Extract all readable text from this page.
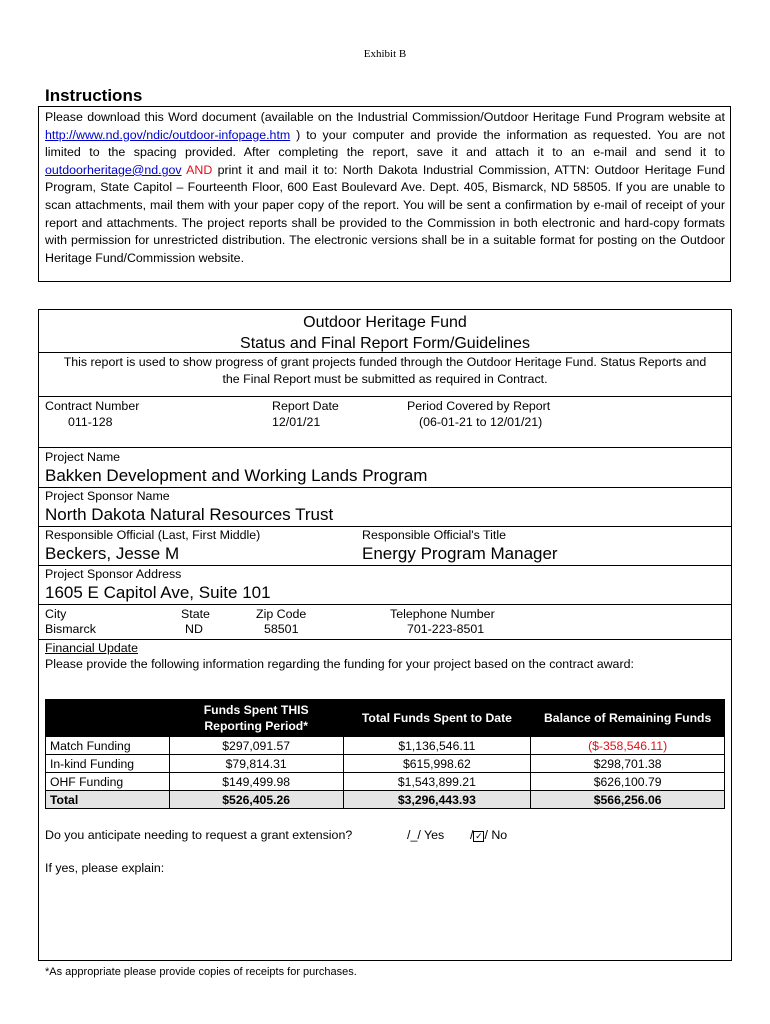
Exhibit B
Instructions
Please download this Word document (available on the Industrial Commission/Outdoor Heritage Fund Program website at http://www.nd.gov/ndic/outdoor-infopage.htm ) to your computer and provide the information as requested. You are not limited to the spacing provided. After completing the report, save it and attach it to an e-mail and send it to outdoorheritage@nd.gov AND print it and mail it to: North Dakota Industrial Commission, ATTN: Outdoor Heritage Fund Program, State Capitol – Fourteenth Floor, 600 East Boulevard Ave. Dept. 405, Bismarck, ND 58505. If you are unable to scan attachments, mail them with your paper copy of the report. You will be sent a confirmation by e-mail of receipt of your report and attachments. The project reports shall be provided to the Commission in both electronic and hard-copy formats with permission for unrestricted distribution. The electronic versions shall be in a suitable format for posting on the Outdoor Heritage Fund/Commission website.
Outdoor Heritage Fund
Status and Final Report Form/Guidelines
This report is used to show progress of grant projects funded through the Outdoor Heritage Fund. Status Reports and the Final Report must be submitted as required in Contract.
Contract Number
011-128
Report Date
12/01/21
Period Covered by Report
(06-01-21 to 12/01/21)
Project Name
Bakken Development and Working Lands Program
Project Sponsor Name
North Dakota Natural Resources Trust
Responsible Official (Last, First Middle)
Beckers, Jesse M
Responsible Official's Title
Energy Program Manager
Project Sponsor Address
1605 E Capitol Ave, Suite 101
City
Bismarck
State
ND
Zip Code
58501
Telephone Number
701-223-8501
Financial Update
Please provide the following information regarding the funding for your project based on the contract award:
	Funds Spent THIS Reporting Period*	Total Funds Spent to Date	Balance of Remaining Funds
Match Funding	$297,091.57	$1,136,546.11	($-358,546.11)
In-kind Funding	$79,814.31	$615,998.62	$298,701.38
OHF Funding	$149,499.98	$1,543,899.21	$626,100.79
Total	$526,405.26	$3,296,443.93	$566,256.06
Do you anticipate needing to request a grant extension?	/_/ Yes / ✓ / No
If yes, please explain:
*As appropriate please provide copies of receipts for purchases.
